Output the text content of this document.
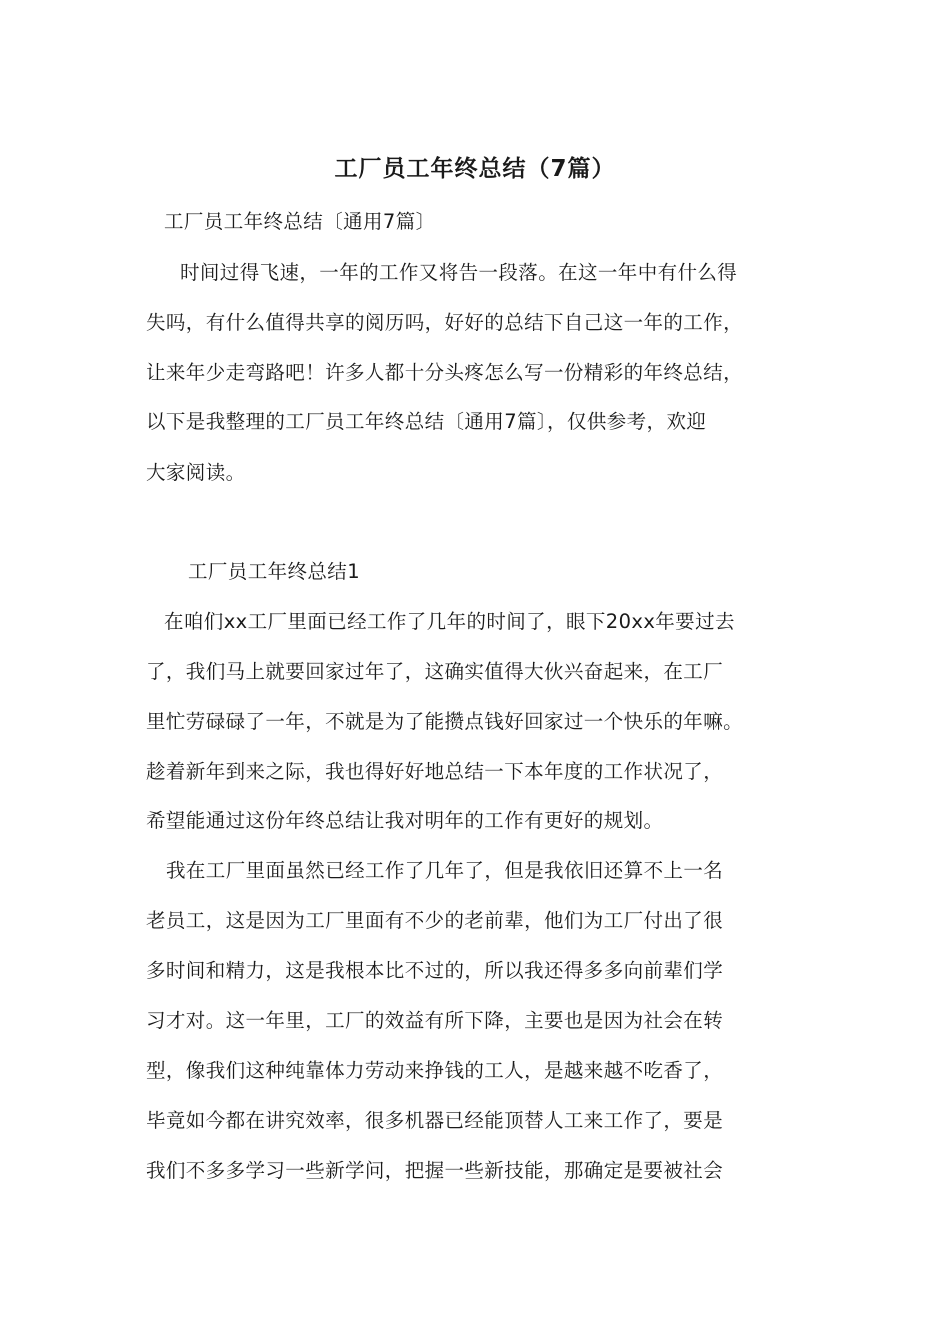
工厂员工年终总结（7篇）
工厂员工年终总结〔通用7篇〕
时间过得飞速，一年的工作又将告一段落。在这一年中有什么得
失吗，有什么值得共享的阅历吗，好好的总结下自己这一年的工作，
让来年少走弯路吧！许多人都十分头疼怎么写一份精彩的年终总结，
以下是我整理的工厂员工年终总结〔通用7篇〕，仅供参考，欢迎
大家阅读。
工厂员工年终总结1
在咱们xx工厂里面已经工作了几年的时间了，眼下20xx年要过去
了，我们马上就要回家过年了，这确实值得大伙兴奋起来，在工厂
里忙劳碌碌了一年，不就是为了能攒点钱好回家过一个快乐的年嘛。
趁着新年到来之际，我也得好好地总结一下本年度的工作状况了，
希望能通过这份年终总结让我对明年的工作有更好的规划。
我在工厂里面虽然已经工作了几年了，但是我依旧还算不上一名
老员工，这是因为工厂里面有不少的老前辈，他们为工厂付出了很
多时间和精力，这是我根本比不过的，所以我还得多多向前辈们学
习才对。这一年里，工厂的效益有所下降，主要也是因为社会在转
型，像我们这种纯靠体力劳动来挣钱的工人，是越来越不吃香了，
毕竟如今都在讲究效率，很多机器已经能顶替人工来工作了，要是
我们不多多学习一些新学问，把握一些新技能，那确定是要被社会
